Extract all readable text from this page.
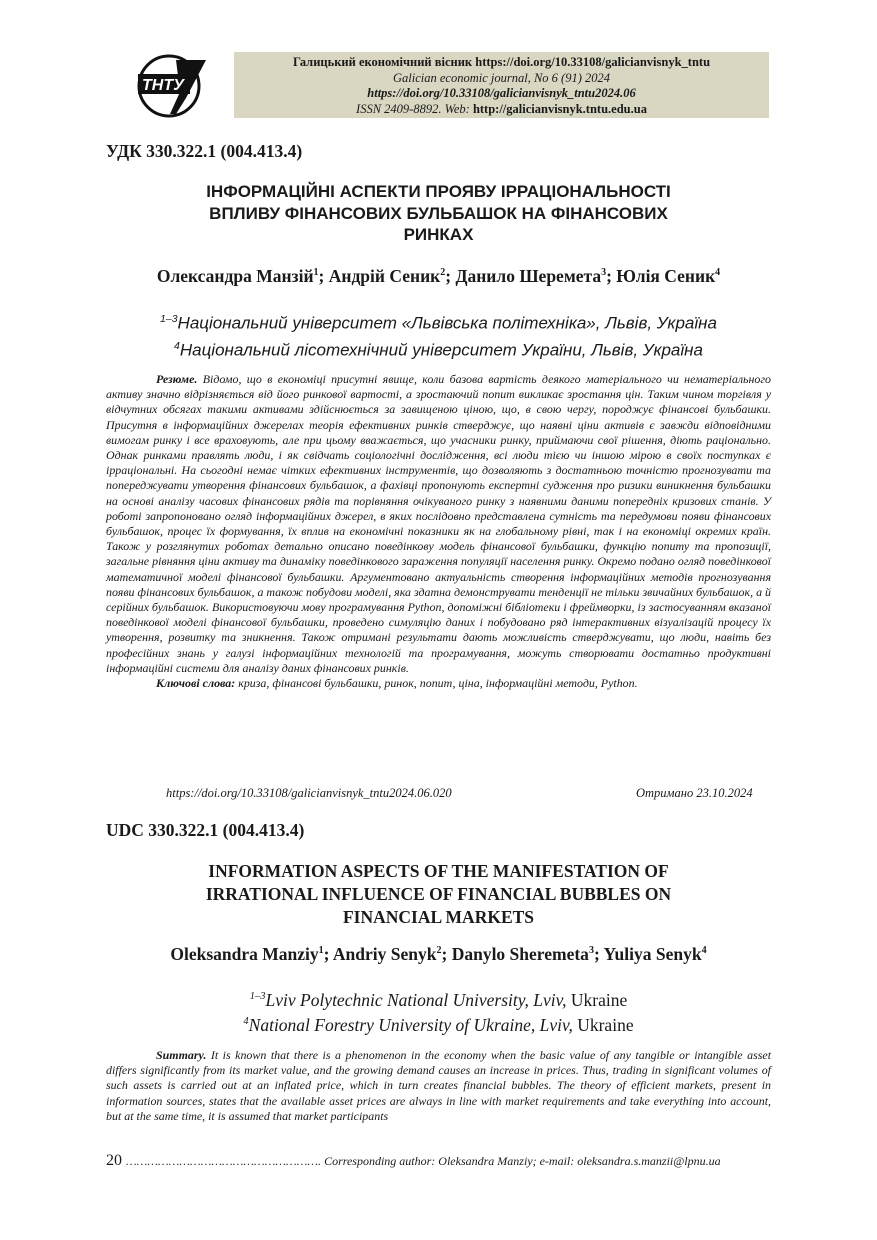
ТНТУ
Галицький економічний вісник https://doi.org/10.33108/galicianvisnyk_tntu
Galician economic journal, No 6 (91) 2024
https://doi.org/10.33108/galicianvisnyk_tntu2024.06
ISSN 2409-8892. Web: http://galicianvisnyk.tntu.edu.ua
УДК 330.322.1 (004.413.4)
ІНФОРМАЦІЙНІ АСПЕКТИ ПРОЯВУ ІРРАЦІОНАЛЬНОСТІ
ВПЛИВУ ФІНАНСОВИХ БУЛЬБАШОК НА ФІНАНСОВИХ
РИНКАХ
Олександра Манзій$^1$; Андрій Сеник$^2$; Данило Шеремета$^3$; Юлія Сеник$^4$
$^{1-3}$Національний університет «Львівська політехніка», Львів, Україна
$^4$Національний лісотехнічний університет України, Львів, Україна

Резюме. Відомо, що в економіці присутні явище, коли базова вартість деякого матеріального чи нематеріального активу значно відрізняється від його ринкової вартості, а зростаючий попит викликає зростання цін. Таким чином торгівля у відчутних обсягах такими активами здійснюється за завищеною ціною, що, в свою чергу, породжує фінансові бульбашки. Присутня в інформаційних джерелах теорія ефективних ринків стверджує, що наявні ціни активів є завжди відповідними вимогам ринку і все враховують, але при цьому вважається, що учасники ринку, приймаючи свої рішення, діють раціонально. Однак ринками правлять люди, і як свідчать соціологічні дослідження, всі люди тією чи іншою мірою в своїх поступках є ірраціональні. На сьогодні немає чітких ефективних інструментів, що дозволяють з достатньою точністю прогнозувати та попереджувати утворення фінансових бульбашок, а фахівці пропонують експертні судження про ризики виникнення бульбашки на основі аналізу часових фінансових рядів та порівняння очікуваного ринку з наявними даними попередніх кризових станів. У роботі запропоновано огляд інформаційних джерел, в яких послідовно представлена сутність та передумови появи фінансових бульбашок, процес їх формування, їх вплив на економічні показники як на глобальному рівні, так і на економіці окремих країн. Також у розглянутих роботах детально описано поведінкову модель фінансової бульбашки, функцію попиту та пропозиції, загальне рівняння ціни активу та динаміку поведінкового зараження популяції населення ринку. Окремо подано огляд поведінкової математичної моделі фінансової бульбашки. Аргументовано актуальність створення інформаційних методів прогнозування появи фінансових бульбашок, а також побудови моделі, яка здатна демонструвати тенденції не тільки звичайних бульбашок, а й серійних бульбашок. Використовуючи мову програмування Python, допоміжні бібліотеки і фреймворки, із застосуванням вказаної поведінкової моделі фінансової бульбашки, проведено симуляцію даних і побудовано ряд інтерактивних візуалізацій процесу їх утворення, розвитку та зникнення. Також отримані результати дають можливість стверджувати, що люди, навіть без професійних знань у галузі інформаційних технологій та програмування, можуть створювати достатньо продуктивні інформаційні системи для аналізу даних фінансових ринків.

Ключові слова: криза, фінансові бульбашки, ринок, попит, ціна, інформаційні методи, Python.

https://doi.org/10.33108/galicianvisnyk_tntu2024.06.020	Отримано 23.10.2024
UDC 330.322.1 (004.413.4)
INFORMATION ASPECTS OF THE MANIFESTATION OF
IRRATIONAL INFLUENCE OF FINANCIAL BUBBLES ON
FINANCIAL MARKETS
Oleksandra Manziy$^1$; Andriy Senyk$^2$; Danylo Sheremeta$^3$; Yuliya Senyk$^4$
$^{1-3}$Lviv Polytechnic National University, Lviv, Ukraine
$^4$National Forestry University of Ukraine, Lviv, Ukraine

Summary. It is known that there is a phenomenon in the economy when the basic value of any tangible or intangible asset differs significantly from its market value, and the growing demand causes an increase in prices. Thus, trading in significant volumes of such assets is carried out at an inflated price, which in turn creates financial bubbles. The theory of efficient markets, present in information sources, states that the available asset prices are always in line with market requirements and take everything into account, but at the same time, it is assumed that market participants

20 ………………………………………………. Corresponding author: Oleksandra Manziy; e-mail: oleksandra.s.manzii@lpnu.ua
